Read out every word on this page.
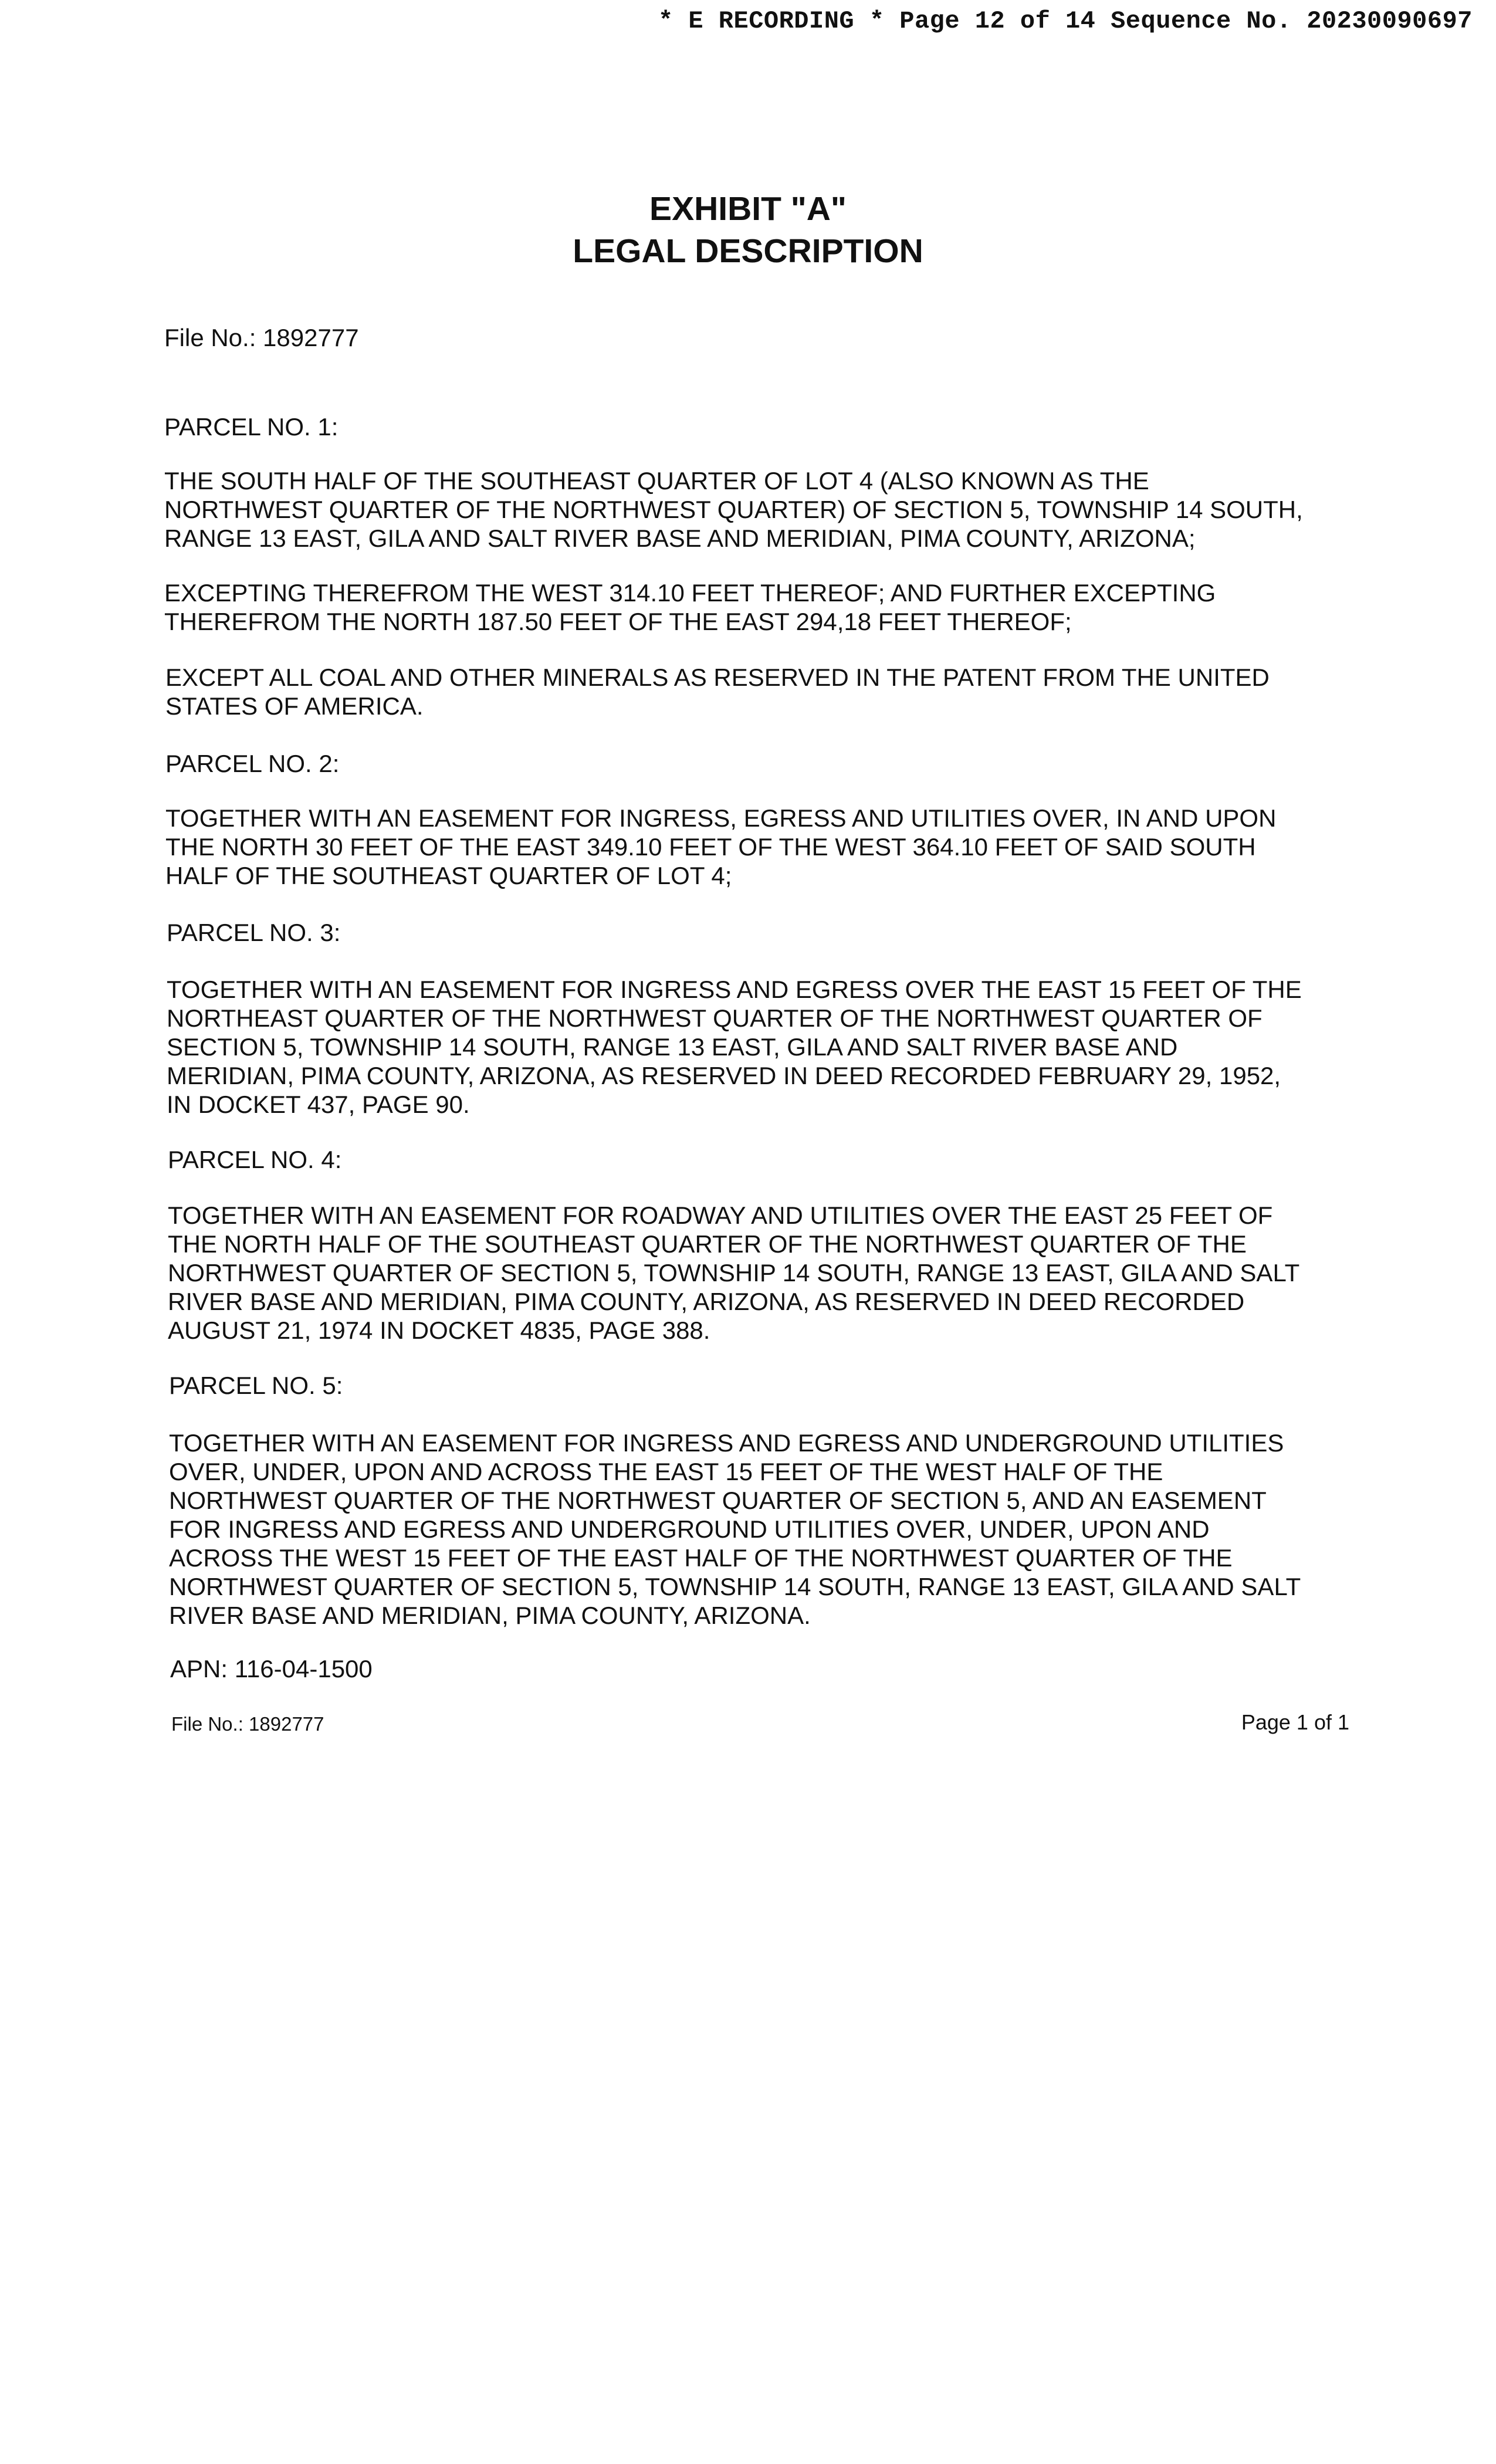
* E RECORDING * Page 12 of 14 Sequence No. 20230090697
EXHIBIT "A"
LEGAL DESCRIPTION
File No.: 1892777
PARCEL NO. 1:
THE SOUTH HALF OF THE SOUTHEAST QUARTER OF LOT 4 (ALSO KNOWN AS THE
NORTHWEST QUARTER OF THE NORTHWEST QUARTER) OF SECTION 5, TOWNSHIP 14 SOUTH,
RANGE 13 EAST, GILA AND SALT RIVER BASE AND MERIDIAN, PIMA COUNTY, ARIZONA;
EXCEPTING THEREFROM THE WEST 314.10 FEET THEREOF; AND FURTHER EXCEPTING
THEREFROM THE NORTH 187.50 FEET OF THE EAST 294,18 FEET THEREOF;
EXCEPT ALL COAL AND OTHER MINERALS AS RESERVED IN THE PATENT FROM THE UNITED
STATES OF AMERICA.
PARCEL NO. 2:
TOGETHER WITH AN EASEMENT FOR INGRESS, EGRESS AND UTILITIES OVER, IN AND UPON
THE NORTH 30 FEET OF THE EAST 349.10 FEET OF THE WEST 364.10 FEET OF SAID SOUTH
HALF OF THE SOUTHEAST QUARTER OF LOT 4;
PARCEL NO. 3:
TOGETHER WITH AN EASEMENT FOR INGRESS AND EGRESS OVER THE EAST 15 FEET OF THE
NORTHEAST QUARTER OF THE NORTHWEST QUARTER OF THE NORTHWEST QUARTER OF
SECTION 5, TOWNSHIP 14 SOUTH, RANGE 13 EAST, GILA AND SALT RIVER BASE AND
MERIDIAN, PIMA COUNTY, ARIZONA, AS RESERVED IN DEED RECORDED FEBRUARY 29, 1952,
IN DOCKET 437, PAGE 90.
PARCEL NO. 4:
TOGETHER WITH AN EASEMENT FOR ROADWAY AND UTILITIES OVER THE EAST 25 FEET OF
THE NORTH HALF OF THE SOUTHEAST QUARTER OF THE NORTHWEST QUARTER OF THE
NORTHWEST QUARTER OF SECTION 5, TOWNSHIP 14 SOUTH, RANGE 13 EAST, GILA AND SALT
RIVER BASE AND MERIDIAN, PIMA COUNTY, ARIZONA, AS RESERVED IN DEED RECORDED
AUGUST 21, 1974 IN DOCKET 4835, PAGE 388.
PARCEL NO. 5:
TOGETHER WITH AN EASEMENT FOR INGRESS AND EGRESS AND UNDERGROUND UTILITIES
OVER, UNDER, UPON AND ACROSS THE EAST 15 FEET OF THE WEST HALF OF THE
NORTHWEST QUARTER OF THE NORTHWEST QUARTER OF SECTION 5, AND AN EASEMENT
FOR INGRESS AND EGRESS AND UNDERGROUND UTILITIES OVER, UNDER, UPON AND
ACROSS THE WEST 15 FEET OF THE EAST HALF OF THE NORTHWEST QUARTER OF THE
NORTHWEST QUARTER OF SECTION 5, TOWNSHIP 14 SOUTH, RANGE 13 EAST, GILA AND SALT
RIVER BASE AND MERIDIAN, PIMA COUNTY, ARIZONA.
APN: 116-04-1500
File No.: 1892777	Page 1 of 1
